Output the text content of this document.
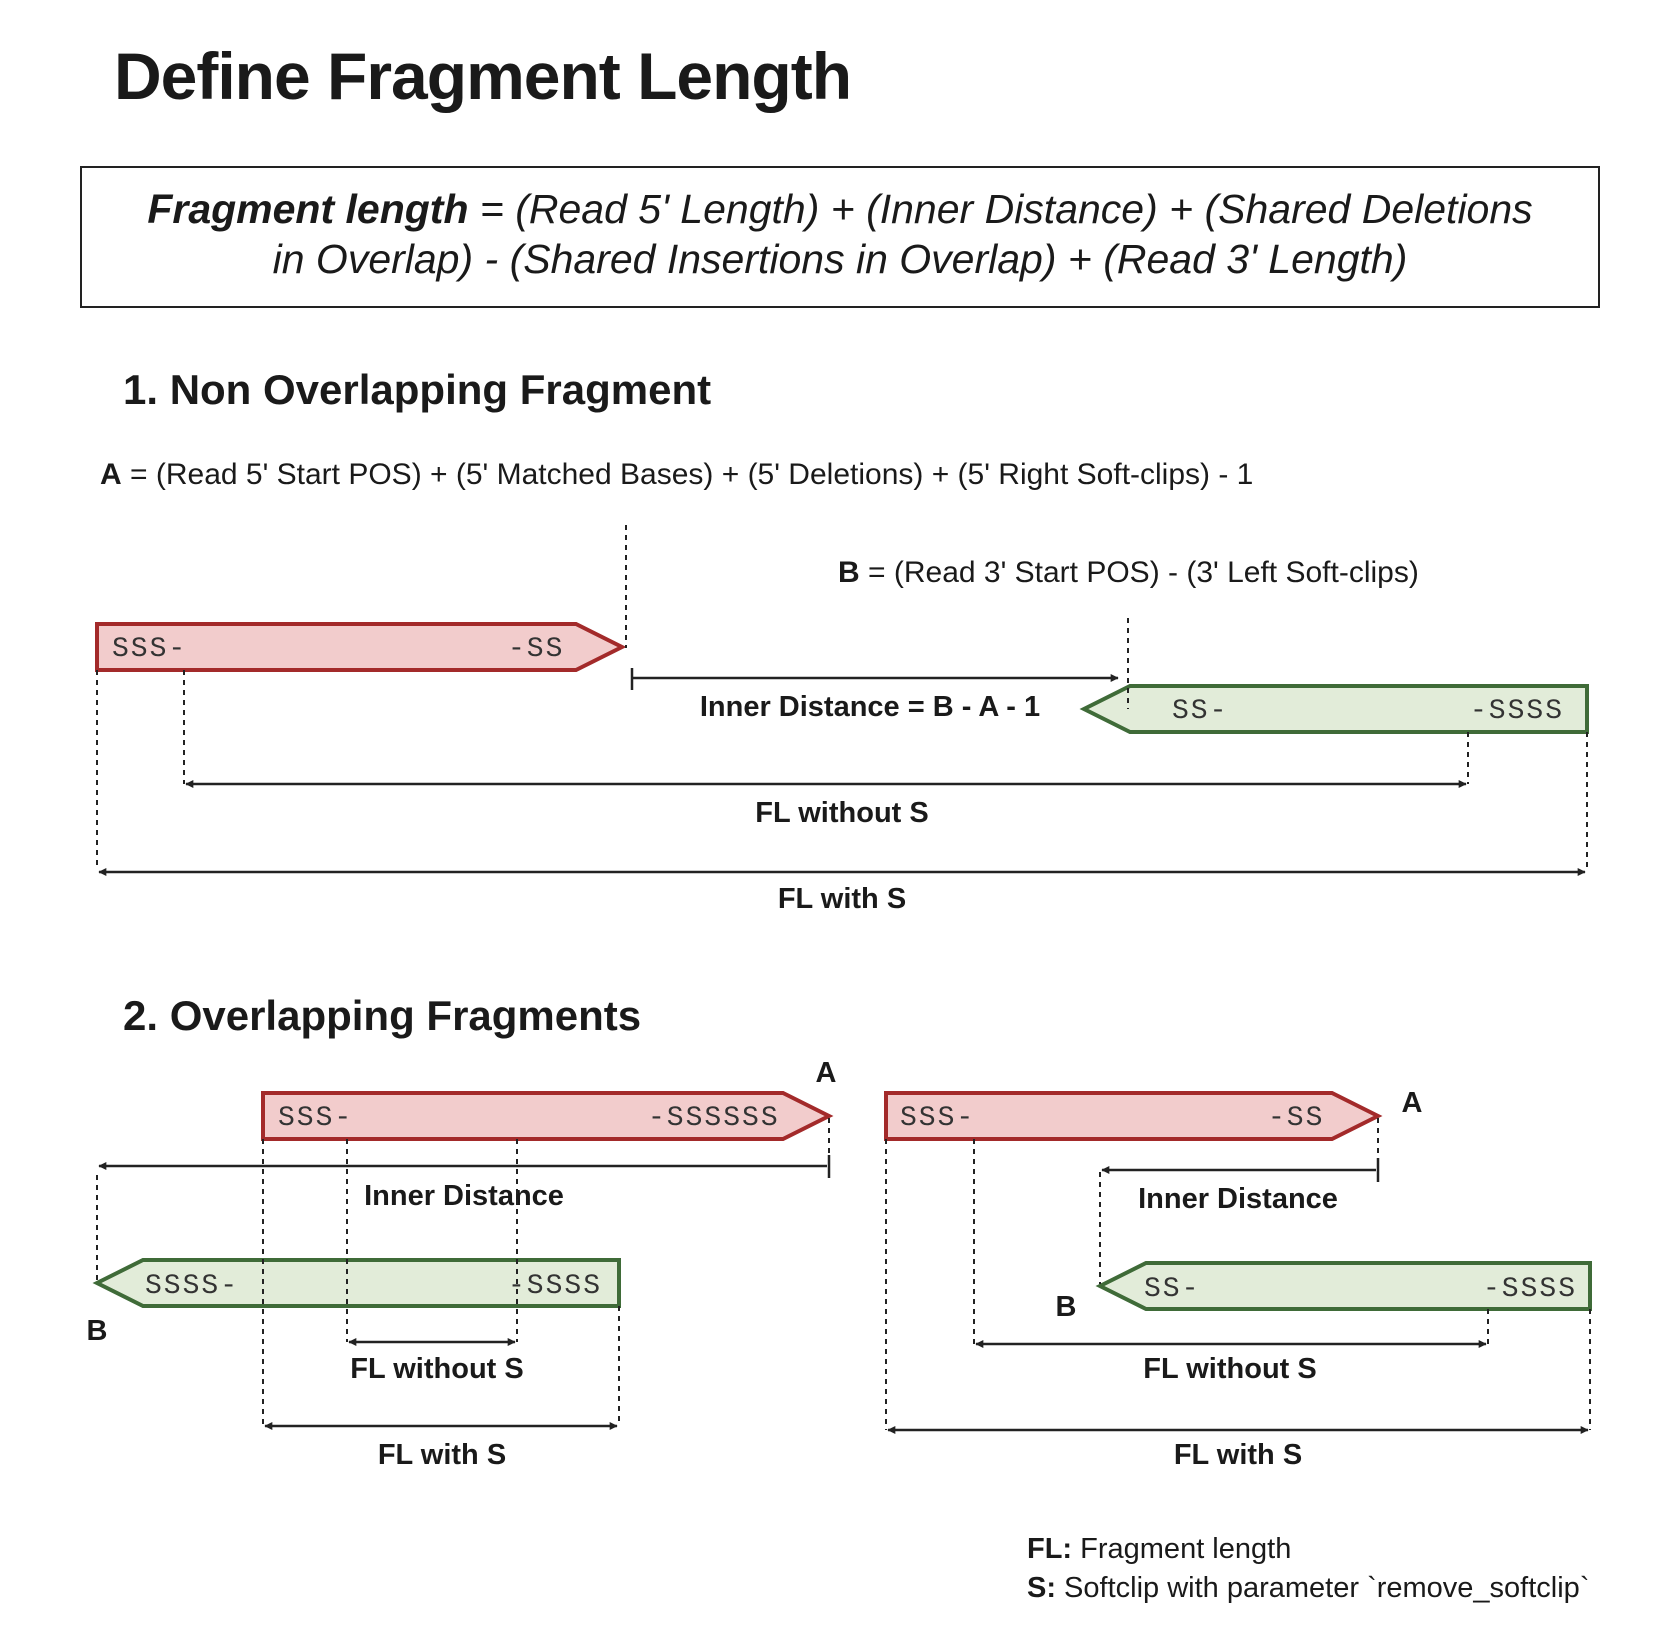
Define Fragment Length
Fragment length = (Read 5' Length) + (Inner Distance) + (Shared Deletions
in Overlap) - (Shared Insertions in Overlap) + (Read 3' Length)
1. Non Overlapping Fragment
A = (Read 5' Start POS) + (5' Matched Bases) + (5' Deletions) + (5' Right Soft-clips) - 1
B = (Read 3' Start POS) - (3' Left Soft-clips)
2. Overlapping Fragments
SSS-	-SS
SS-	-SSSS
Inner Distance = B - A - 1
FL without S
FL with S
SSS-	-SSSSSS
A
SSSS-	-SSSS
B
Inner Distance
FL without S
FL with S
SSS-	-SS	A
SS-	-SSSS
B
Inner Distance
FL without S
FL with S
FL: Fragment length
S: Softclip with parameter `remove_softclip`
